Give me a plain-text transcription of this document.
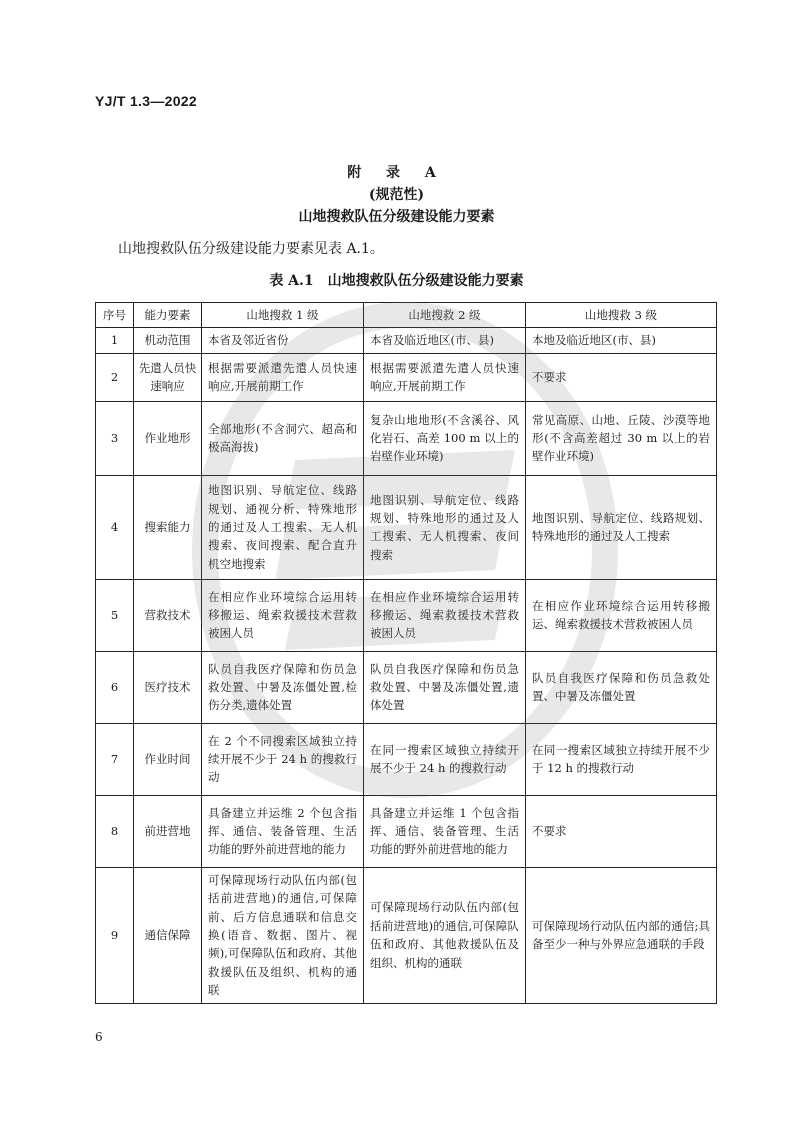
YJ/T 1.3—2022
附 录 A
(规范性)
山地搜救队伍分级建设能力要素
山地搜救队伍分级建设能力要素见表 A.1。
表 A.1　山地搜救队伍分级建设能力要素
序号	能力要素	山地搜救 1 级	山地搜救 2 级	山地搜救 3 级
1	机动范围	本省及邻近省份	本省及临近地区(市、县)	本地及临近地区(市、县)
2	先遣人员快速响应	根据需要派遣先遣人员快速响应,开展前期工作	根据需要派遣先遣人员快速响应,开展前期工作	不要求
3	作业地形	全部地形(不含洞穴、超高和极高海拔)	复杂山地地形(不含溪谷、风化岩石、高差 100 m 以上的岩壁作业环境)	常见高原、山地、丘陵、沙漠等地形(不含高差超过 30 m 以上的岩壁作业环境)
4	搜索能力	地图识别、导航定位、线路规划、通视分析、特殊地形的通过及人工搜索、无人机搜索、夜间搜索、配合直升机空地搜索	地图识别、导航定位、线路规划、特殊地形的通过及人工搜索、无人机搜索、夜间搜索	地图识别、导航定位、线路规划、特殊地形的通过及人工搜索
5	营救技术	在相应作业环境综合运用转移搬运、绳索救援技术营救被困人员	在相应作业环境综合运用转移搬运、绳索救援技术营救被困人员	在相应作业环境综合运用转移搬运、绳索救援技术营救被困人员
6	医疗技术	队员自我医疗保障和伤员急救处置、中暑及冻僵处置,检伤分类,遗体处置	队员自我医疗保障和伤员急救处置、中暑及冻僵处置,遗体处置	队员自我医疗保障和伤员急救处置、中暑及冻僵处置
7	作业时间	在 2 个不同搜索区域独立持续开展不少于 24 h 的搜救行动	在同一搜索区域独立持续开展不少于 24 h 的搜救行动	在同一搜索区域独立持续开展不少于 12 h 的搜救行动
8	前进营地	具备建立并运维 2 个包含指挥、通信、装备管理、生活功能的野外前进营地的能力	具备建立并运维 1 个包含指挥、通信、装备管理、生活功能的野外前进营地的能力	不要求
9	通信保障	可保障现场行动队伍内部(包括前进营地)的通信,可保障前、后方信息通联和信息交换(语音、数据、图片、视频),可保障队伍和政府、其他救援队伍及组织、机构的通联	可保障现场行动队伍内部(包括前进营地)的通信,可保障队伍和政府、其他救援队伍及组织、机构的通联	可保障现场行动队伍内部的通信;具备至少一种与外界应急通联的手段
6
